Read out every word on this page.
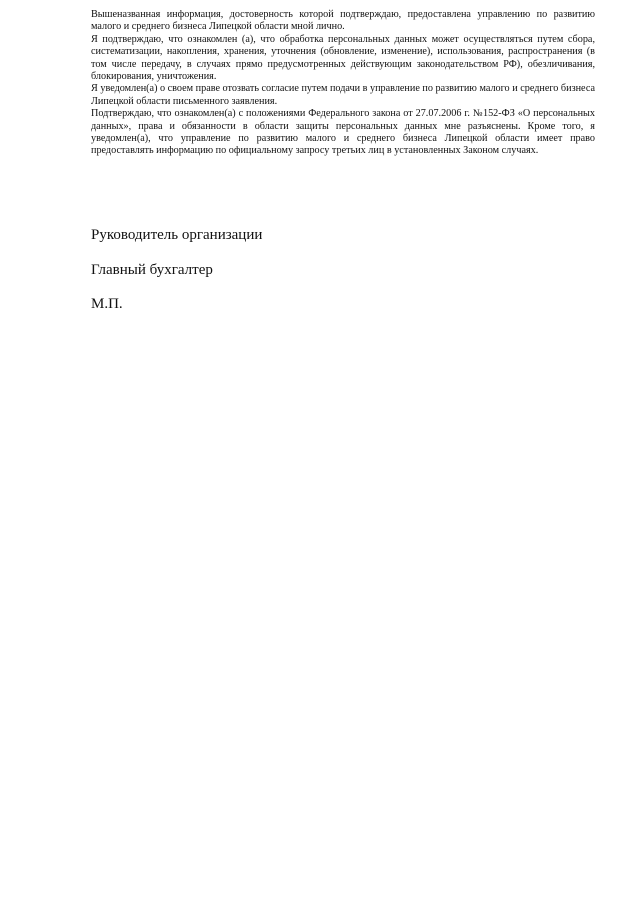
Вышеназванная информация, достоверность которой подтверждаю, предоставлена управлению по развитию малого и среднего бизнеса Липецкой области мной лично.

Я подтверждаю, что ознакомлен (а), что обработка персональных данных может осуществляться путем сбора, систематизации, накопления, хранения, уточнения (обновление, изменение), использования, распространения (в том числе передачу, в случаях прямо предусмотренных действующим законодательством РФ), обезличивания, блокирования, уничтожения.

Я уведомлен(а) о своем праве отозвать согласие путем подачи в управление по развитию малого и среднего бизнеса Липецкой области письменного заявления.

Подтверждаю, что ознакомлен(а) с положениями Федерального закона от 27.07.2006 г. №152-ФЗ «О персональных данных», права и обязанности в области защиты персональных данных мне разъяснены. Кроме того, я уведомлен(а), что управление по развитию малого и среднего бизнеса Липецкой области имеет право предоставлять информацию по официальному запросу третьих лиц в установленных Законом случаях.

Руководитель организации
Главный бухгалтер
М.П.
